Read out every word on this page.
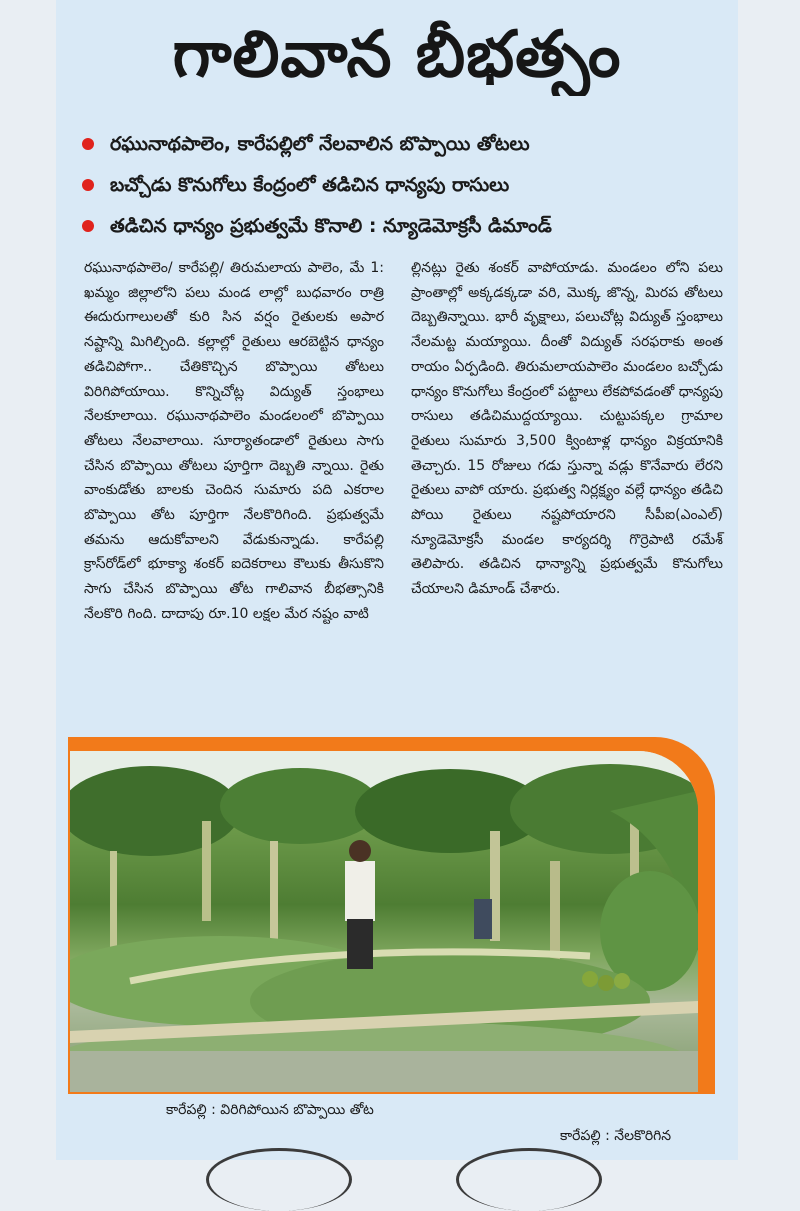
గాలివాన బీభత్సం
రఘునాథపాలెం, కారేపల్లిలో నేలవాలిన బొప్పాయి తోటలు
బచ్చోడు కొనుగోలు కేంద్రంలో తడిచిన ధాన్యపు రాసులు
తడిచిన ధాన్యం ప్రభుత్వమే కొనాలి : న్యూడెమోక్రసీ డిమాండ్

రఘునాథపాలెం/ కారేపల్లి/ తిరుమలాయ పాలెం, మే 1: ఖమ్మం జిల్లాలోని పలు మండ లాల్లో బుధవారం రాత్రి ఈదురుగాలులతో కురి సిన వర్షం రైతులకు అపార నష్టాన్ని మిగిల్చింది. కల్లాల్లో రైతులు ఆరబెట్టిన ధాన్యం తడిచిపోగా.. చేతికొచ్చిన బొప్పాయి తోటలు విరిగిపోయాయి. కొన్నిచోట్ల విద్యుత్ స్తంభాలు నేలకూలాయి. రఘునాథపాలెం మండలంలో బొప్పాయి తోటలు నేలవాలాయి. సూర్యాతండాలో రైతులు సాగు చేసిన బొప్పాయి తోటలు పూర్తిగా దెబ్బతి న్నాయి. రైతు వాంకుడోతు బాలకు చెందిన సుమారు పది ఎకరాల బొప్పాయి తోట పూర్తిగా నేలకొరిగింది. ప్రభుత్వమే తమను ఆదుకోవాలని వేడుకున్నాడు. కారేపల్లి క్రాస్‌రోడ్‌లో భూక్యా శంకర్ ఐదెకరాలు కౌలుకు తీసుకొని సాగు చేసిన బొప్పాయి తోట గాలివాన బీభత్సానికి నేలకొరి గింది. దాదాపు రూ.10 లక్షల మేర నష్టం వాటి

ల్లినట్లు రైతు శంకర్ వాపోయాడు. మండలం లోని పలు ప్రాంతాల్లో అక్కడక్కడా వరి, మొక్క జొన్న, మిరప తోటలు దెబ్బతిన్నాయి. భారీ వృక్షాలు, పలుచోట్ల విద్యుత్ స్తంభాలు నేలమట్ట మయ్యాయి. దీంతో విద్యుత్ సరఫరాకు అంత రాయం ఏర్పడింది. తిరుమలాయపాలెం మండలం బచ్చోడు ధాన్యం కొనుగోలు కేంద్రంలో పట్టాలు లేకపోవడంతో ధాన్యపు రాసులు తడిచిముద్దయ్యాయి. చుట్టుపక్కల గ్రామాల రైతులు సుమారు 3,500 క్వింటాళ్ల ధాన్యం విక్రయానికి తెచ్చారు. 15 రోజులు గడు స్తున్నా వడ్లు కొనేవారు లేరని రైతులు వాపో యారు. ప్రభుత్వ నిర్లక్ష్యం వల్లే ధాన్యం తడిచి పోయి రైతులు నష్టపోయారని సీపీఐ(ఎంఎల్) న్యూడెమోక్రసీ మండల కార్యదర్శి గొర్రెపాటి రమేశ్ తెలిపారు. తడిచిన ధాన్యాన్ని ప్రభుత్వమే కొనుగోలు చేయాలని డిమాండ్ చేశారు.

కారేపల్లి : విరిగిపోయిన బొప్పాయి తోట
కారేపల్లి : నేలకొరిగిన
